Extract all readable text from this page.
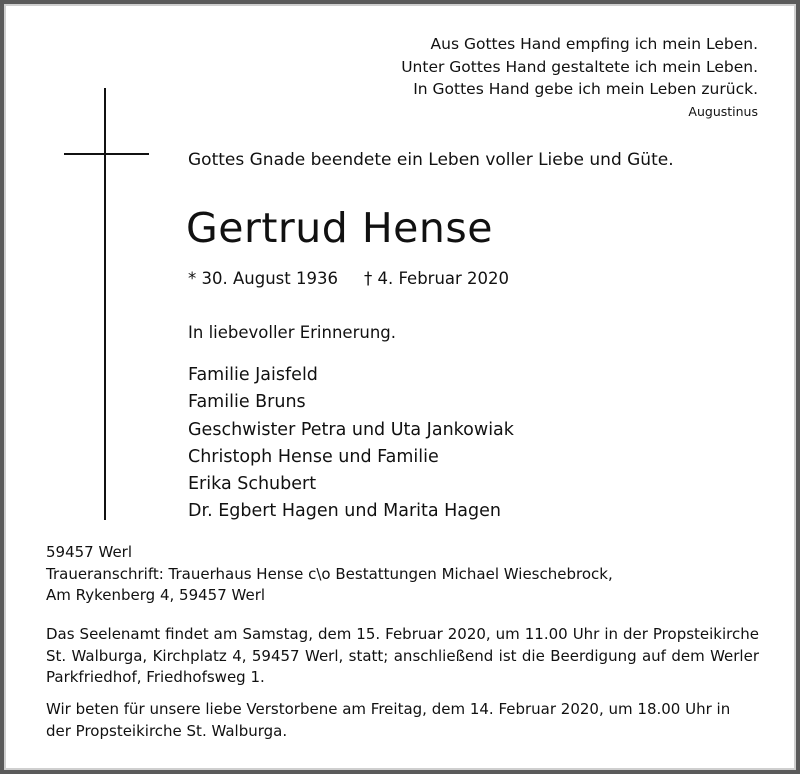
Aus Gottes Hand empfing ich mein Leben.
Unter Gottes Hand gestaltete ich mein Leben.
In Gottes Hand gebe ich mein Leben zurück.
Augustinus
Gottes Gnade beendete ein Leben voller Liebe und Güte.
Gertrud Hense
* 30. August 1936 † 4. Februar 2020
In liebevoller Erinnerung.
Familie Jaisfeld
Familie Bruns
Geschwister Petra und Uta Jankowiak
Christoph Hense und Familie
Erika Schubert
Dr. Egbert Hagen und Marita Hagen
59457 Werl
Traueranschrift: Trauerhaus Hense c\o Bestattungen Michael Wieschebrock,
Am Rykenberg 4, 59457 Werl
Das Seelenamt findet am Samstag, dem 15. Februar 2020, um 11.00 Uhr in der Propsteikirche St. Walburga, Kirchplatz 4, 59457 Werl, statt; anschließend ist die Beerdigung auf dem Werler Parkfriedhof, Friedhofsweg 1.
Wir beten für unsere liebe Verstorbene am Freitag, dem 14. Februar 2020, um 18.00 Uhr in der Propsteikirche St. Walburga.
